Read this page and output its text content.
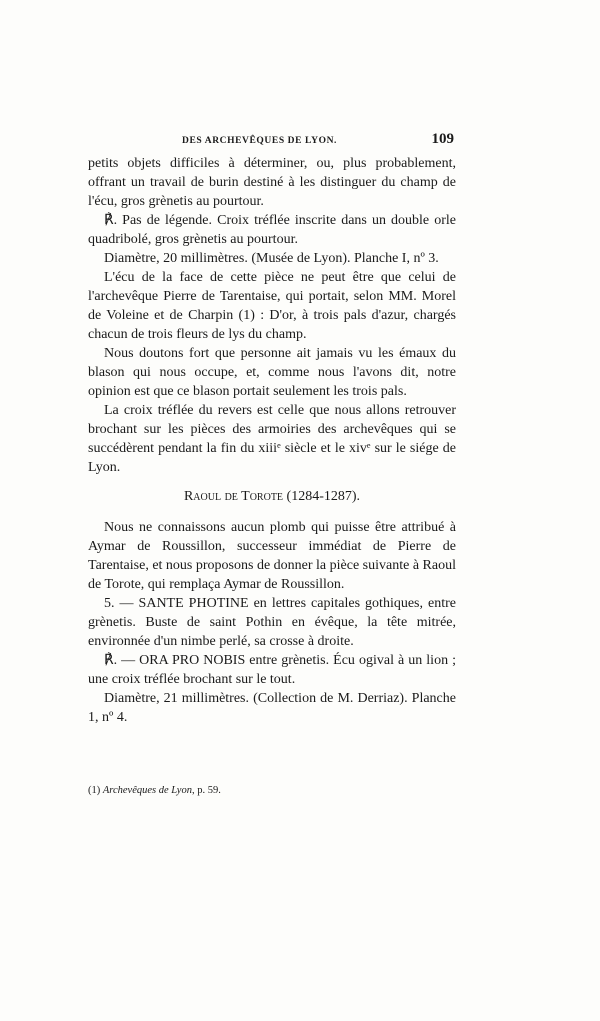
DES ARCHEVÊQUES DE LYON.	109

petits objets difficiles à déterminer, ou, plus probablement, offrant un travail de burin destiné à les distinguer du champ de l'écu, gros grènetis au pourtour.

℟. Pas de légende. Croix tréflée inscrite dans un double orle quadribolé, gros grènetis au pourtour.

Diamètre, 20 millimètres. (Musée de Lyon). Planche I, nº 3.

L'écu de la face de cette pièce ne peut être que celui de l'archevêque Pierre de Tarentaise, qui portait, selon MM. Morel de Voleine et de Charpin (1) : D'or, à trois pals d'azur, chargés chacun de trois fleurs de lys du champ.

Nous doutons fort que personne ait jamais vu les émaux du blason qui nous occupe, et, comme nous l'avons dit, notre opinion est que ce blason portait seulement les trois pals.

La croix tréflée du revers est celle que nous allons retrouver brochant sur les pièces des armoiries des archevêques qui se succédèrent pendant la fin du xiiiᵉ siècle et le xivᵉ sur le siége de Lyon.

Raoul de Torote (1284-1287).

Nous ne connaissons aucun plomb qui puisse être attribué à Aymar de Roussillon, successeur immédiat de Pierre de Tarentaise, et nous proposons de donner la pièce suivante à Raoul de Torote, qui remplaça Aymar de Roussillon.

5. — SANTE PHOTINE en lettres capitales gothiques, entre grènetis. Buste de saint Pothin en évêque, la tête mitrée, environnée d'un nimbe perlé, sa crosse à droite.

℟. — ORA PRO NOBIS entre grènetis. Écu ogival à un lion ; une croix tréflée brochant sur le tout.

Diamètre, 21 millimètres. (Collection de M. Derriaz). Planche 1, nº 4.

(1) Archevêques de Lyon, p. 59.
